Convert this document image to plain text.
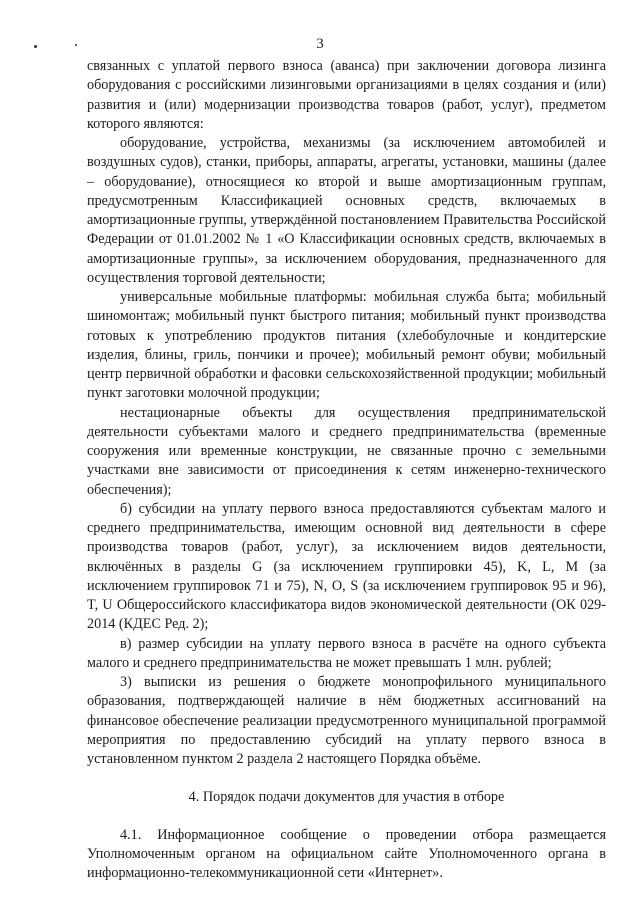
3

связанных с уплатой первого взноса (аванса) при заключении договора лизинга оборудования с российскими лизинговыми организациями в целях создания и (или) развития и (или) модернизации производства товаров (работ, услуг), предметом которого являются:

оборудование, устройства, механизмы (за исключением автомобилей и воздушных судов), станки, приборы, аппараты, агрегаты, установки, машины (далее – оборудование), относящиеся ко второй и выше амортизационным группам, предусмотренным Классификацией основных средств, включаемых в амортизационные группы, утверждённой постановлением Правительства Российской Федерации от 01.01.2002 № 1 «О Классификации основных средств, включаемых в амортизационные группы», за исключением оборудования, предназначенного для осуществления торговой деятельности;

универсальные мобильные платформы: мобильная служба быта; мобильный шиномонтаж; мобильный пункт быстрого питания; мобильный пункт производства готовых к употреблению продуктов питания (хлебобулочные и кондитерские изделия, блины, гриль, пончики и прочее); мобильный ремонт обуви; мобильный центр первичной обработки и фасовки сельскохозяйственной продукции; мобильный пункт заготовки молочной продукции;

нестационарные объекты для осуществления предпринимательской деятельности субъектами малого и среднего предпринимательства (временные сооружения или временные конструкции, не связанные прочно с земельными участками вне зависимости от присоединения к сетям инженерно-технического обеспечения);

б) субсидии на уплату первого взноса предоставляются субъектам малого и среднего предпринимательства, имеющим основной вид деятельности в сфере производства товаров (работ, услуг), за исключением видов деятельности, включённых в разделы G (за исключением группировки 45), K, L, M (за исключением группировок 71 и 75), N, O, S (за исключением группировок 95 и 96), T, U Общероссийского классификатора видов экономической деятельности (ОК 029-2014 (КДЕС Ред. 2);

в) размер субсидии на уплату первого взноса в расчёте на одного субъекта малого и среднего предпринимательства не может превышать 1 млн. рублей;

3) выписки из решения о бюджете монопрофильного муниципального образования, подтверждающей наличие в нём бюджетных ассигнований на финансовое обеспечение реализации предусмотренного муниципальной программой мероприятия по предоставлению субсидий на уплату первого взноса в установленном пунктом 2 раздела 2 настоящего Порядка объёме.

4. Порядок подачи документов для участия в отборе

4.1. Информационное сообщение о проведении отбора размещается Уполномоченным органом на официальном сайте Уполномоченного органа в информационно-телекоммуникационной сети «Интернет».
